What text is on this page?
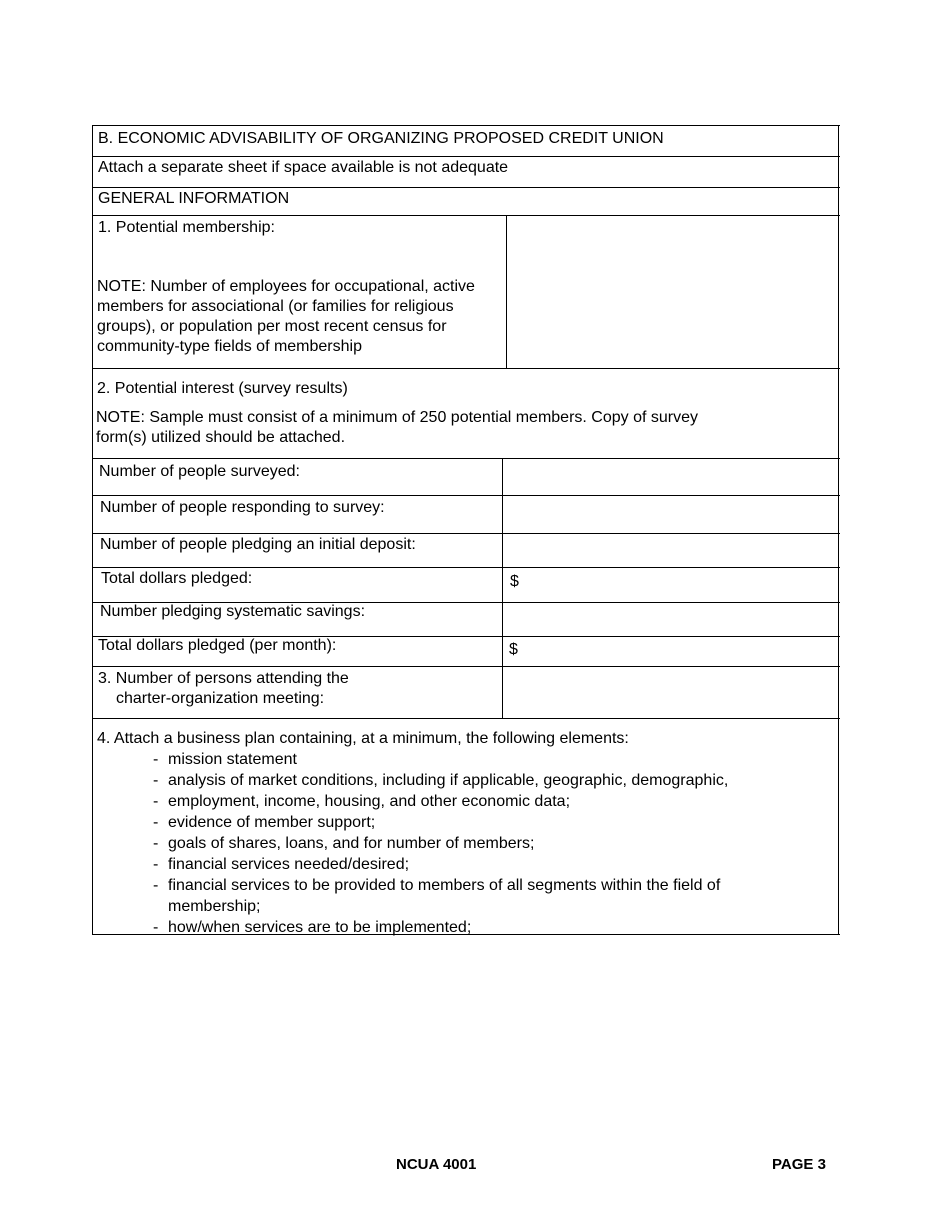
B. ECONOMIC ADVISABILITY OF ORGANIZING PROPOSED CREDIT UNION
Attach a separate sheet if space available is not adequate
GENERAL INFORMATION
1. Potential membership:
NOTE: Number of employees for occupational, active
members for associational (or families for religious
groups), or population per most recent census for
community-type fields of membership
2. Potential interest (survey results)
NOTE: Sample must consist of a minimum of 250 potential members. Copy of survey
form(s) utilized should be attached.
Number of people surveyed:
Number of people responding to survey:
Number of people pledging an initial deposit:
Total dollars pledged:	$
Number pledging systematic savings:
Total dollars pledged (per month):	$
3. Number of persons attending the
charter-organization meeting:
4. Attach a business plan containing, at a minimum, the following elements:
- mission statement
- analysis of market conditions, including if applicable, geographic, demographic,
- employment, income, housing, and other economic data;
- evidence of member support;
- goals of shares, loans, and for number of members;
- financial services needed/desired;
- financial services to be provided to members of all segments within the field of
membership;
- how/when services are to be implemented;
NCUA 4001	PAGE 3
